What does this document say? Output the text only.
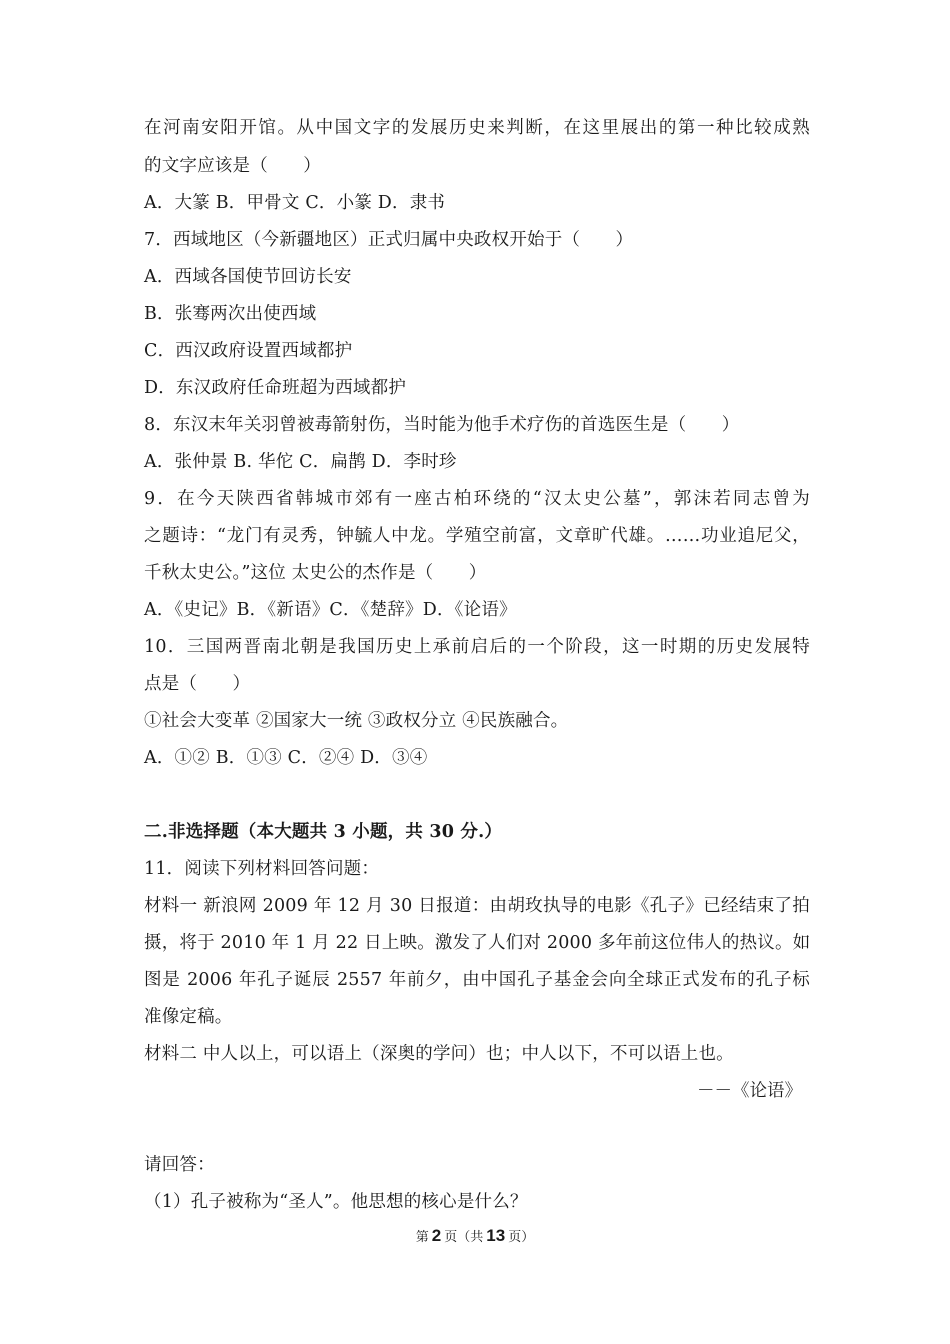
在河南安阳开馆。从中国文字的发展历史来判断，在这里展出的第一种比较成熟
的文字应该是（　　）
A．大篆 B．甲骨文 C．小篆 D．隶书
7．西域地区（今新疆地区）正式归属中央政权开始于（　　）
A．西域各国使节回访长安
B．张骞两次出使西域
C．西汉政府设置西域都护
D．东汉政府任命班超为西域都护
8．东汉末年关羽曾被毒箭射伤，当时能为他手术疗伤的首选医生是（　　）
A．张仲景 B. 华佗 C．扁鹊 D．李时珍
9．在今天陕西省韩城市郊有一座古柏环绕的“汉太史公墓”，郭沫若同志曾为
之题诗：“龙门有灵秀，钟毓人中龙。学殖空前富，文章旷代雄。……功业追尼父，
千秋太史公。”这位 太史公的杰作是（　　）
A．《史记》B．《新语》C．《楚辞》D．《论语》
10．三国两晋南北朝是我国历史上承前启后的一个阶段，这一时期的历史发展特
点是（　　）
①社会大变革 ②国家大一统 ③政权分立 ④民族融合。
A．①② B．①③ C．②④ D．③④
二.非选择题（本大题共 3 小题，共 30 分.）
11．阅读下列材料回答问题：
材料一 新浪网 2009 年 12 月 30 日报道：由胡玫执导的电影《孔子》已经结束了拍
摄，将于 2010 年 1 月 22 日上映。激发了人们对 2000 多年前这位伟人的热议。如
图是 2006 年孔子诞辰 2557 年前夕，由中国孔子基金会向全球正式发布的孔子标
准像定稿。
材料二 中人以上，可以语上（深奥的学问）也；中人以下，不可以语上也。
－－《论语》
请回答：
（1）孔子被称为“圣人”。他思想的核心是什么？
第 2 页（共 13 页）
